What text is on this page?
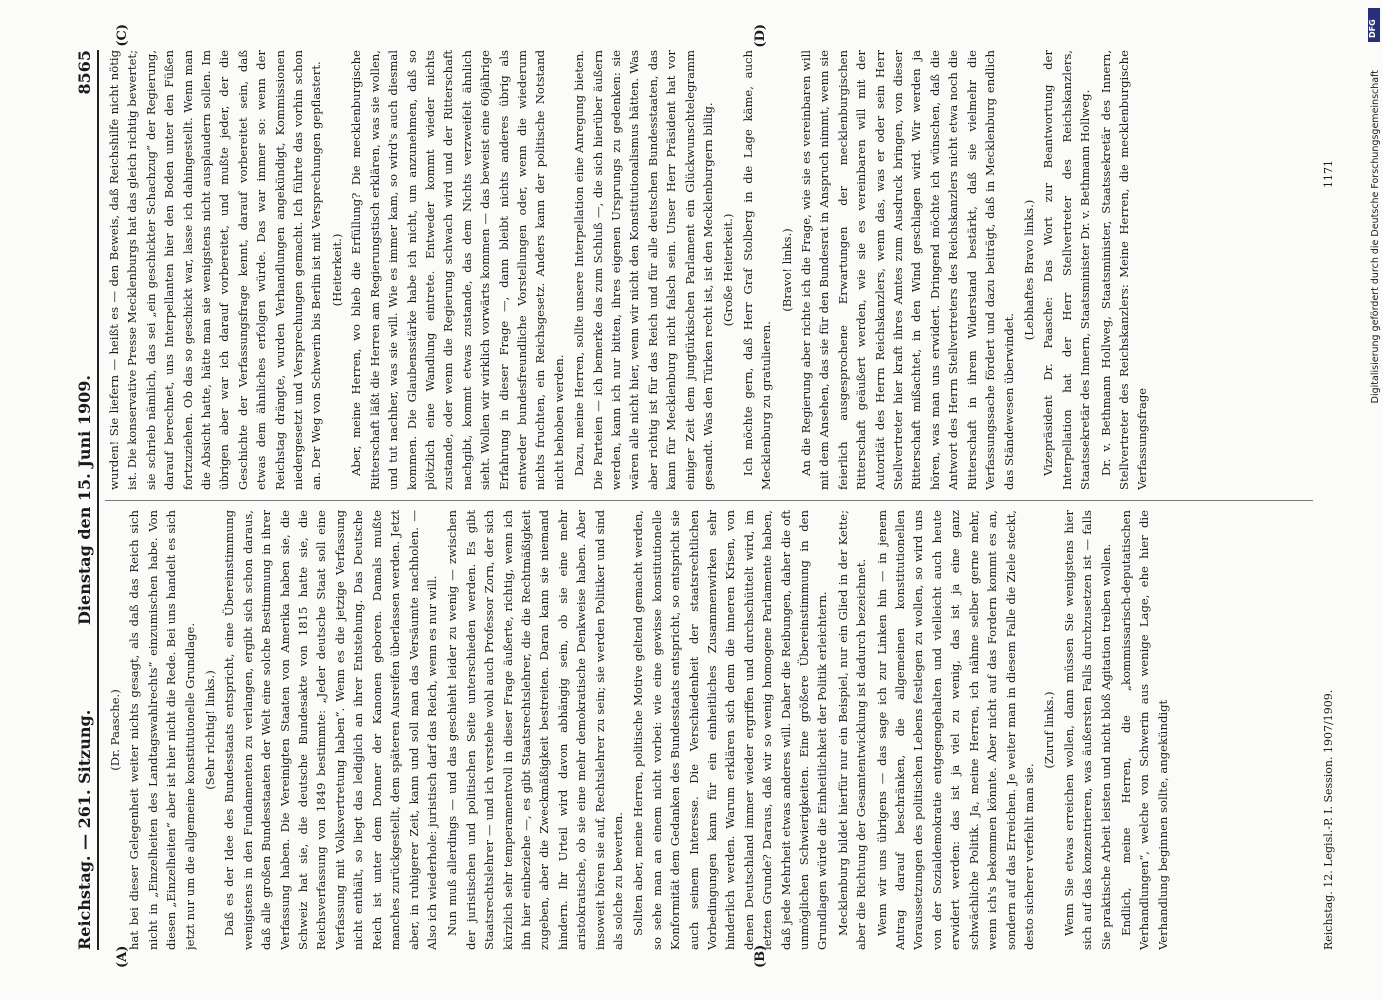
Reichstag. — 261. Sitzung.
Dienstag den 15. Juni 1909.
8565
(A)	(B)
(C)	(D)

(Dr. Paasche.) hat bei dieser Gelegenheit weiter nichts gesagt, als daß das Reich sich nicht in „Einzelheiten des Landtagswahlrechts“ einzumischen habe. Von diesen „Einzelheiten“ aber ist hier nicht die Rede. Bei uns handelt es sich jetzt nur um die allgemeine konstitutionelle Grundlage. (Sehr richtig! links.) Daß es der Idee des Bundesstaats entspricht, eine Übereinstimmung wenigstens in den Fundamenten zu verlangen, ergibt sich schon daraus, daß alle großen Bundesstaaten der Welt eine solche Bestimmung in ihrer Verfassung haben. Die Vereinigten Staaten von Amerika haben sie, die Schweiz hat sie, die deutsche Bundesakte von 1815 hatte sie, die Reichsverfassung von 1849 bestimmte: „Jeder deutsche Staat soll eine Verfassung mit Volksvertretung haben“. Wenn es die jetzige Verfassung nicht enthält, so liegt das lediglich an ihrer Entstehung. Das Deutsche Reich ist unter dem Donner der Kanonen geboren. Damals mußte manches zurückgestellt, dem späteren Ausreifen überlassen werden. Jetzt aber, in ruhigerer Zeit, kann und soll man das Versäumte nachholen. — Also ich wiederhole: juristisch darf das Reich, wenn es nur will. Nun muß allerdings — und das geschieht leider zu wenig — zwischen der juristischen und politischen Seite unterschieden werden. Es gibt Staatsrechtslehrer — und ich verstehe wohl auch Professor Zorn, der sich kürzlich sehr temperamentvoll in dieser Frage äußerte, richtig, wenn ich ihn hier einbeziehe —, es gibt Staatsrechtslehrer, die die Rechtmäßigkeit zugeben, aber die Zweckmäßigkeit bestreiten. Daran kann sie niemand hindern. Ihr Urteil wird davon abhängig sein, ob sie eine mehr aristokratische, ob sie eine mehr demokratische Denkweise haben. Aber insoweit hören sie auf, Rechtslehrer zu sein; sie werden Politiker und sind als solche zu bewerten. Sollten aber, meine Herren, politische Motive geltend gemacht werden, so sehe man an einem nicht vorbei: wie eine gewisse konstitutionelle Konformität dem Gedanken des Bundesstaats entspricht, so entspricht sie auch seinem Interesse. Die Verschiedenheit der staatsrechtlichen Vorbedingungen kann für ein einheitliches Zusammenwirken sehr hinderlich werden. Warum erklären sich denn die inneren Krisen, von denen Deutschland immer wieder ergriffen und durchschüttelt wird, im letzten Grunde? Daraus, daß wir so wenig homogene Parlamente haben, daß jede Mehrheit etwas anderes will. Daher die Reibungen, daher die oft unmöglichen Schwierigkeiten. Eine größere Übereinstimmung in den Grundlagen würde die Einheitlichkeit der Politik erleichtern. Mecklenburg bildet hierfür nur ein Beispiel, nur ein Glied in der Kette; aber die Richtung der Gesamtentwicklung ist dadurch bezeichnet. Wenn wir uns übrigens — das sage ich zur Linken hin — in jenem Antrag darauf beschränken, die allgemeinen konstitutionellen Voraussetzungen des politischen Lebens festlegen zu wollen, so wird uns von der Sozialdemokratie entgegengehalten und vielleicht auch heute erwidert werden: das ist ja viel zu wenig, das ist ja eine ganz schwächliche Politik. Ja, meine Herren, ich nähme selber gerne mehr, wenn ich's bekommen könnte. Aber nicht auf das Fordern kommt es an, sondern auf das Erreichen. Je weiter man in diesem Falle die Ziele steckt, desto sicherer verfehlt man sie.

(Zuruf links.) Wenn Sie etwas erreichen wollen, dann müssen Sie wenigstens hier sich auf das konzentrieren, was äußersten Falls durchzusetzen ist — falls Sie praktische Arbeit leisten und nicht bloß Agitation treiben wollen. Endlich, meine Herren, die „kommissarisch-deputatischen Verhandlungen“, welche von Schwerin aus wenige Lage, ehe hier die Verhandlung beginnen sollte, angekündigt

wurden! Sie liefern — heißt es — den Beweis, daß Reichshilfe nicht nötig ist. Die konservative Presse Mecklenburgs hat das gleich richtig bewertet; sie schrieb nämlich, das sei „ein geschickter Schachzug“ der Regierung, darauf berechnet, uns Interpellanten hier den Boden unter den Füßen fortzuziehen. Ob das so geschickt war, lasse ich dahingestellt. Wenn man die Absicht hatte, hätte man sie wenigstens nicht ausplaudern sollen. Im übrigen aber war ich darauf vorbereitet, und mußte jeder, der die Geschichte der Verfassungsfrage kennt, darauf vorbereitet sein, daß etwas dem ähnliches erfolgen würde. Das war immer so: wenn der Reichstag drängte, wurden Verhandlungen angekündigt, Kommissionen niedergesetzt und Versprechungen gemacht. Ich führte das vorhin schon an. Der Weg von Schwerin bis Berlin ist mit Versprechungen gepflastert. (Heiterkeit.) Aber, meine Herren, wo blieb die Erfüllung? Die mecklenburgische Ritterschaft läßt die Herren am Regierungstisch erklären, was sie wollen, und tut nachher, was sie will. Wie es immer kam, so wird's auch diesmal kommen. Die Glaubensstärke habe ich nicht, um anzunehmen, daß so plötzlich eine Wandlung eintrete. Entweder kommt wieder nichts zustande, oder wenn die Regierung schwach wird und der Ritterschaft nachgibt, kommt etwas zustande, das dem Nichts verzweifelt ähnlich sieht. Wollen wir wirklich vorwärts kommen — das beweist eine 60jährige Erfahrung in dieser Frage —, dann bleibt nichts anderes übrig als entweder bundesfreundliche Vorstellungen oder, wenn die wiederum nichts fruchten, ein Reichsgesetz. Anders kann der politische Notstand nicht behoben werden. Dazu, meine Herren, sollte unsere Interpellation eine Anregung bieten. Die Parteien — ich bemerke das zum Schluß —, die sich hierüber äußern werden, kann ich nur bitten, ihres eigenen Ursprungs zu gedenken: sie wären alle nicht hier, wenn wir nicht den Konstitutionalismus hätten. Was aber richtig ist für das Reich und für alle deutschen Bundesstaaten, das kann für Mecklenburg nicht falsch sein. Unser Herr Präsident hat vor einiger Zeit dem jungtürkischen Parlament ein Glückwunschtelegramm gesandt. Was den Türken recht ist, ist den Mecklenburgern billig. (Große Heiterkeit.) Ich möchte gern, daß Herr Graf Stolberg in die Lage käme, auch Mecklenburg zu gratulieren.

(Bravo! links.) An die Regierung aber richte ich die Frage, wie sie es vereinbaren will mit dem Ansehen, das sie für den Bundesrat in Anspruch nimmt, wenn sie feierlich ausgesprochene Erwartungen der mecklenburgischen Ritterschaft geäußert werden, wie sie es vereinbaren will mit der Autorität des Herrn Reichskanzlers, wenn das, was er oder sein Herr Stellvertreter hier kraft ihres Amtes zum Ausdruck bringen, von dieser Ritterschaft mißachtet, in den Wind geschlagen wird. Wir werden ja hören, was man uns erwidert. Dringend möchte ich wünschen, daß die Antwort des Herrn Stellvertreters des Reichskanzlers nicht etwa noch die Ritterschaft in ihrem Widerstand bestärkt, daß sie vielmehr die Verfassungssache fördert und dazu beiträgt, daß in Mecklenburg endlich das Ständewesen überwindet.

(Lebhaftes Bravo links.) Vizepräsident Dr. Paasche: Das Wort zur Beantwortung der Interpellation hat der Herr Stellvertreter des Reichskanzlers, Staatssekretär des Innern, Staatsminister Dr. v. Bethmann Hollweg. Dr. v. Bethmann Hollweg, Staatsminister, Staatssekretär des Innern, Stellvertreter des Reichskanzlers: Meine Herren, die mecklenburgische Verfassungsfrage

Reichstag. 12. Legisl.-P. I. Session. 1907/1909.
1171
DFG
Digitalisierung gefördert durch die Deutsche Forschungsgemeinschaft
